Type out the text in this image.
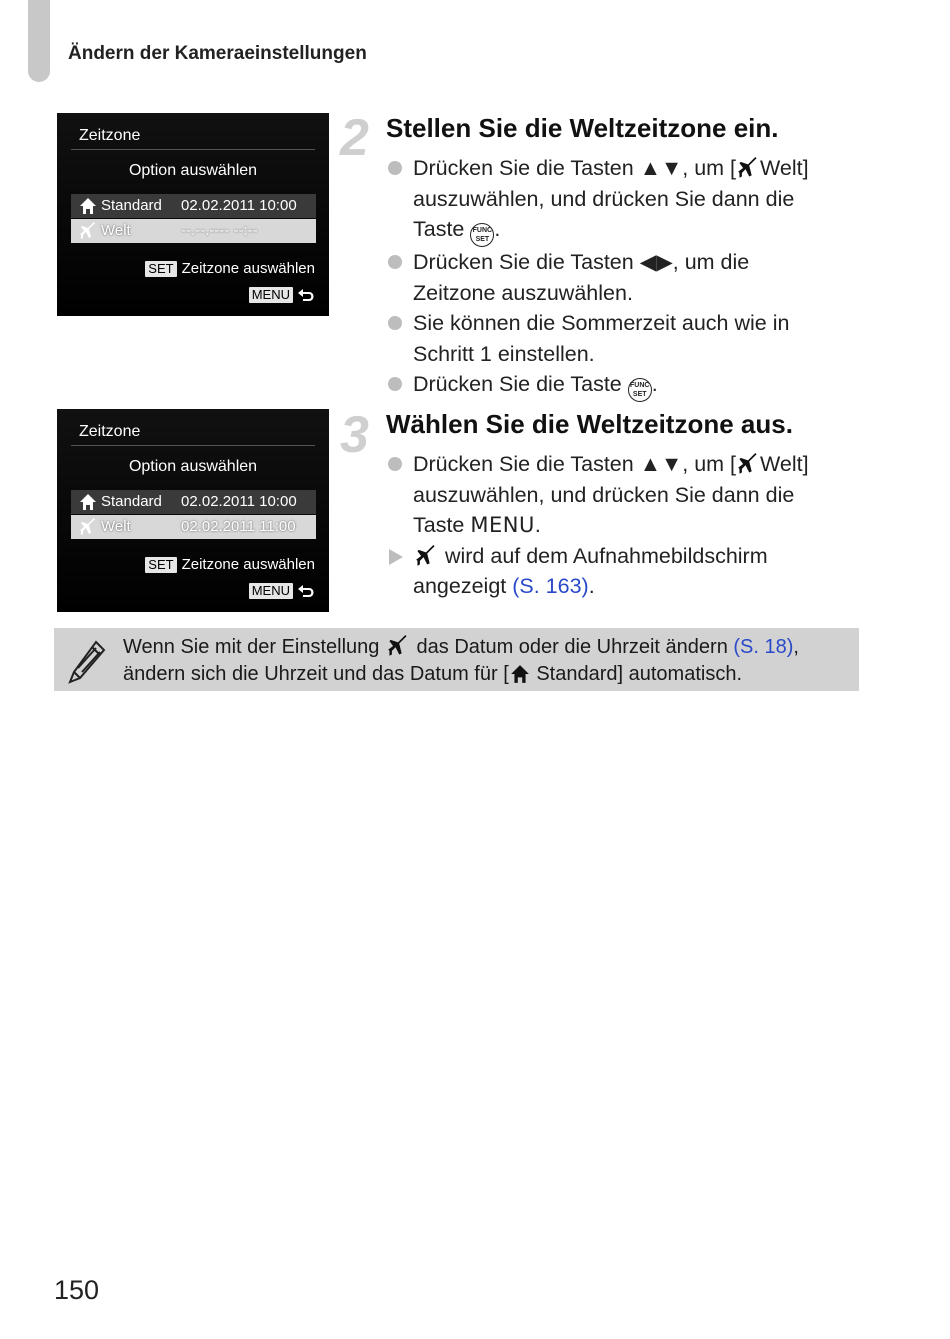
Ändern der Kameraeinstellungen
Zeitzone
Option auswählen
Standard 02.02.2011 10:00
Welt	--.--.---- --:--
SET Zeitzone auswählen
MENU
Zeitzone
Option auswählen
Standard 02.02.2011 10:00
Welt	02.02.2011 11:00
SET Zeitzone auswählen
MENU
2 Stellen Sie die Weltzeitzone ein.
Drücken Sie die Tasten ▲▼, um [ Welt]
auszuwählen, und drücken Sie dann die
Taste FUNC
SET .
Drücken Sie die Tasten ◀▶, um die
Zeitzone auszuwählen.
Sie können die Sommerzeit auch wie in
Schritt 1 einstellen.
Drücken Sie die Taste FUNC
SET .
3 Wählen Sie die Weltzeitzone aus.
Drücken Sie die Tasten ▲▼, um [ Welt]
auszuwählen, und drücken Sie dann die
Taste MENU.
wird auf dem Aufnahmebildschirm
angezeigt (S. 163).
Wenn Sie mit der Einstellung  das Datum oder die Uhrzeit ändern (S. 18),
ändern sich die Uhrzeit und das Datum für [ Standard] automatisch.
150
